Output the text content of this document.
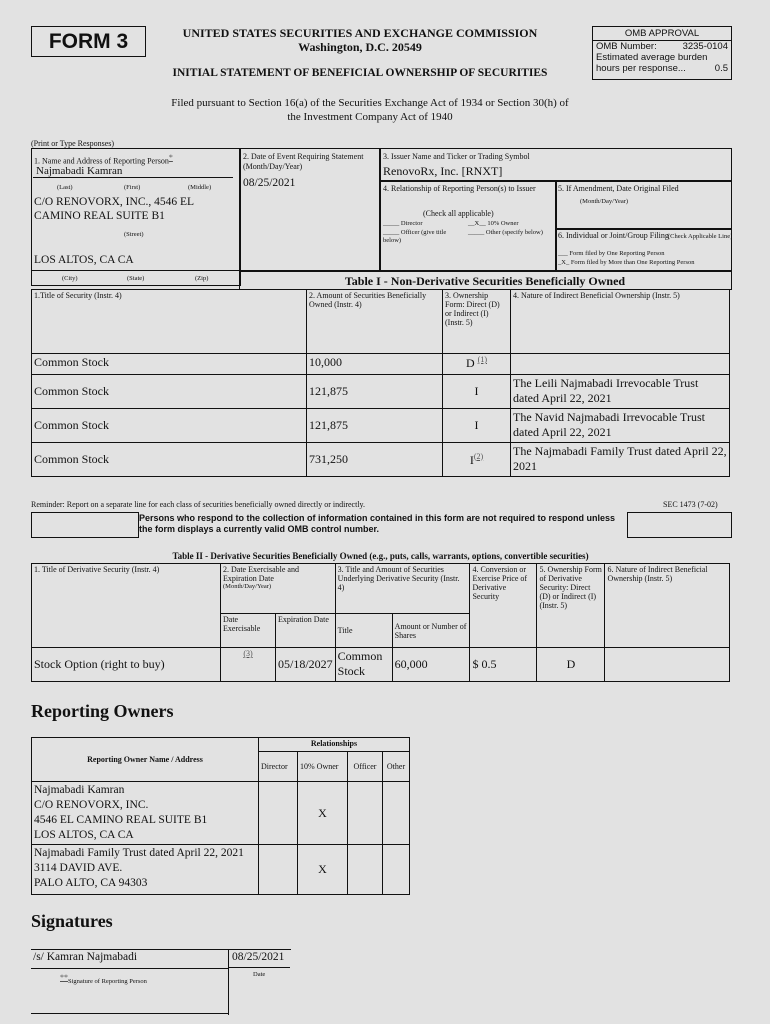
FORM 3	UNITED STATES SECURITIES AND EXCHANGE COMMISSION
Washington, D.C. 20549
INITIAL STATEMENT OF BENEFICIAL OWNERSHIP OF SECURITIES
OMB APPROVAL
OMB Number:	3235-0104
Estimated average burden
hours per response...	0.5
Filed pursuant to Section 16(a) of the Securities Exchange Act of 1934 or Section 30(h) of
the Investment Company Act of 1940
(Print or Type Responses)
1. Name and Address of Reporting Person*
Najmabadi Kamran
(Last)	(First)	(Middle)
C/O RENOVORX, INC., 4546 EL CAMINO REAL SUITE B1
(Street)
LOS ALTOS, CA CA
(City)	(State)	(Zip)
2. Date of Event Requiring Statement (Month/Day/Year)
08/25/2021
3. Issuer Name and Ticker or Trading Symbol
RenovoRx, Inc. [RNXT]
4. Relationship of Reporting Person(s) to Issuer
(Check all applicable)
_____ Director	__X__ 10% Owner
_____ Officer (give title below)
_____ Other (specify below)
5. If Amendment, Date Original Filed
(Month/Day/Year)
6. Individual or Joint/Group Filing (Check Applicable Line)
___ Form filed by One Reporting Person
_X_ Form filed by More than One Reporting Person
Table I - Non-Derivative Securities Beneficially Owned
1.Title of Security (Instr. 4)	2. Amount of Securities Beneficially Owned (Instr. 4)	3. Ownership Form: Direct (D) or Indirect (I) (Instr. 5)	4. Nature of Indirect Beneficial Ownership (Instr. 5)
Common Stock	10,000	D $^{(1)}$	
Common Stock	121,875	I	The Leili Najmabadi Irrevocable Trust dated April 22, 2021
Common Stock	121,875	I	The Navid Najmabadi Irrevocable Trust dated April 22, 2021
Common Stock	731,250	$I^{(2)}$	The Najmabadi Family Trust dated April 22, 2021
Reminder: Report on a separate line for each class of securities beneficially owned directly or indirectly.	SEC 1473 (7-02)
Persons who respond to the collection of information contained in this form are not required to respond unless the form displays a currently valid OMB control number.
Table II - Derivative Securities Beneficially Owned (e.g., puts, calls, warrants, options, convertible securities)
1. Title of Derivative Security (Instr. 4)	2. Date Exercisable and Expiration Date
(Month/Day/Year)		3. Title and Amount of Securities Underlying Derivative Security (Instr. 4)		4. Conversion or Exercise Price of Derivative Security	5. Ownership Form of Derivative Security: Direct (D) or Indirect (I) (Instr. 5)	6. Nature of Indirect Beneficial Ownership (Instr. 5)
	Date Exercisable	Expiration Date	Title	Amount or Number of Shares			
Stock Option (right to buy)	$^{(3)}$	05/18/2027	Common Stock	60,000	$ 0.5	D	
Reporting Owners
Reporting Owner Name / Address	Relationships			
	Director	10% Owner	Officer	Other

Najmabadi Kamran
C/O RENOVORX, INC.
4546 EL CAMINO REAL SUITE B1
LOS ALTOS, CA CA		X		

Najmabadi Family Trust dated April 22, 2021
3114 DAVID AVE.
PALO ALTO, CA 94303		X		
Signatures
/s/ Kamran Najmabadi
**Signature of Reporting Person
08/25/2021
Date
